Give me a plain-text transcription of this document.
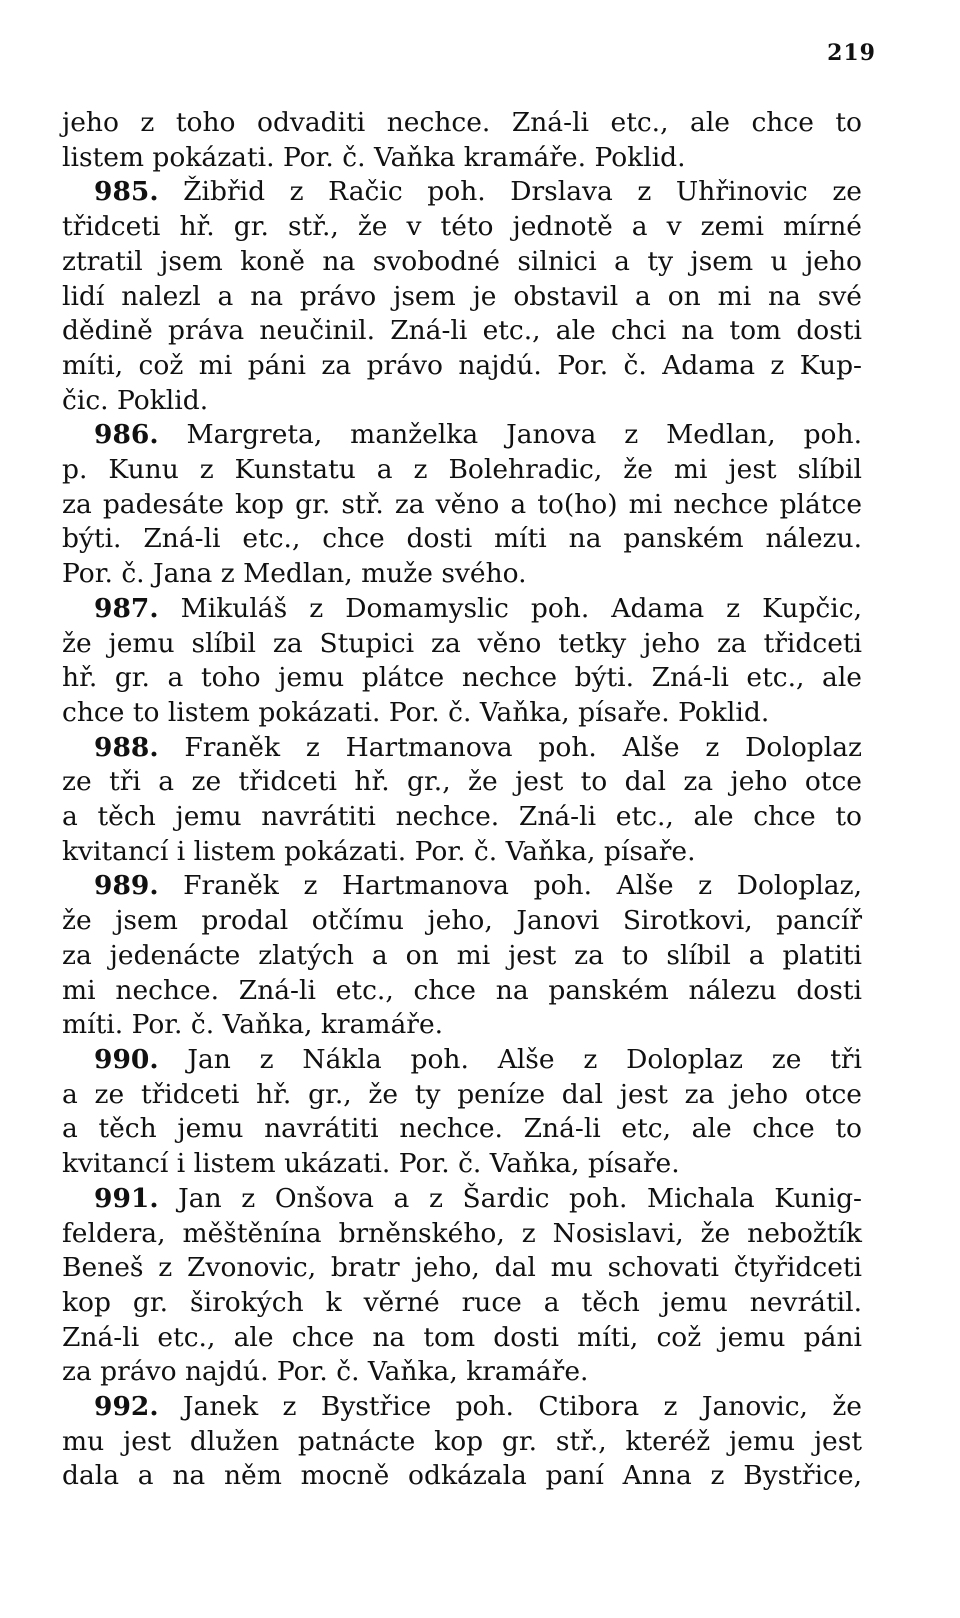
219
jeho z toho odvaditi nechce. Zná-li etc., ale chce to
listem pokázati. Por. č. Vaňka kramáře. Poklid.
985. Žibřid z Račic poh. Drslava z Uhřinovic ze
třidceti hř. gr. stř., že v této jednotě a v zemi mírné
ztratil jsem koně na svobodné silnici a ty jsem u jeho
lidí nalezl a na právo jsem je obstavil a on mi na své
dědině práva neučinil. Zná-li etc., ale chci na tom dosti
míti, což mi páni za právo najdú. Por. č. Adama z Kup-
čic. Poklid.
986. Margreta, manželka Janova z Medlan, poh.
p. Kunu z Kunstatu a z Bolehradic, že mi jest slíbil
za padesáte kop gr. stř. za věno a to(ho) mi nechce plátce
býti. Zná-li etc., chce dosti míti na panském nálezu.
Por. č. Jana z Medlan, muže svého.
987. Mikuláš z Domamyslic poh. Adama z Kupčic,
že jemu slíbil za Stupici za věno tetky jeho za třidceti
hř. gr. a toho jemu plátce nechce býti. Zná-li etc., ale
chce to listem pokázati. Por. č. Vaňka, písaře. Poklid.
988. Franěk z Hartmanova poh. Alše z Doloplaz
ze tři a ze třidceti hř. gr., že jest to dal za jeho otce
a těch jemu navrátiti nechce. Zná-li etc., ale chce to
kvitancí i listem pokázati. Por. č. Vaňka, písaře.
989. Franěk z Hartmanova poh. Alše z Doloplaz,
že jsem prodal otčímu jeho, Janovi Sirotkovi, pancíř
za jedenácte zlatých a on mi jest za to slíbil a platiti
mi nechce. Zná-li etc., chce na panském nálezu dosti
míti. Por. č. Vaňka, kramáře.
990. Jan z Nákla poh. Alše z Doloplaz ze tři
a ze třidceti hř. gr., že ty peníze dal jest za jeho otce
a těch jemu navrátiti nechce. Zná-li etc, ale chce to
kvitancí i listem ukázati. Por. č. Vaňka, písaře.
991. Jan z Onšova a z Šardic poh. Michala Kunig-
feldera, měštěnína brněnského, z Nosislavi, že nebožtík
Beneš z Zvonovic, bratr jeho, dal mu schovati čtyřidceti
kop gr. širokých k věrné ruce a těch jemu nevrátil.
Zná-li etc., ale chce na tom dosti míti, což jemu páni
za právo najdú. Por. č. Vaňka, kramáře.
992. Janek z Bystřice poh. Ctibora z Janovic, že
mu jest dlužen patnácte kop gr. stř., kteréž jemu jest
dala a na něm mocně odkázala paní Anna z Bystřice,
